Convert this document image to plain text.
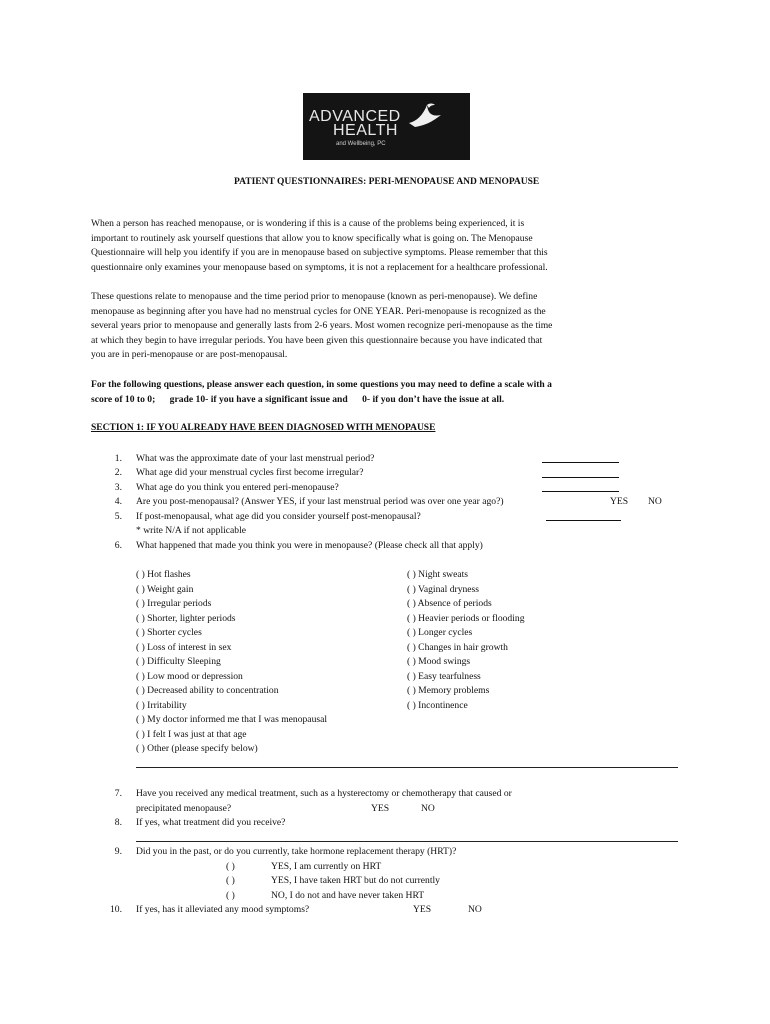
ADVANCED
HEALTH
and Wellbeing, PC
PATIENT QUESTIONNAIRES: PERI-MENOPAUSE AND MENOPAUSE
When a person has reached menopause, or is wondering if this is a cause of the problems being experienced, it is
important to routinely ask yourself questions that allow you to know specifically what is going on. The Menopause
Questionnaire will help you identify if you are in menopause based on subjective symptoms. Please remember that this
questionnaire only examines your menopause based on symptoms, it is not a replacement for a healthcare professional.
These questions relate to menopause and the time period prior to menopause (known as peri-menopause). We define
menopause as beginning after you have had no menstrual cycles for ONE YEAR. Peri-menopause is recognized as the
several years prior to menopause and generally lasts from 2-6 years. Most women recognize peri-menopause as the time
at which they begin to have irregular periods. You have been given this questionnaire because you have indicated that
you are in peri-menopause or are post-menopausal.
For the following questions, please answer each question, in some questions you may need to define a scale with a
score of 10 to 0;      grade 10- if you have a significant issue and      0- if you don’t have the issue at all.
SECTION 1: IF YOU ALREADY HAVE BEEN DIAGNOSED WITH MENOPAUSE
1. What was the approximate date of your last menstrual period?
2. What age did your menstrual cycles first become irregular?
3. What age do you think you entered peri-menopause?
4. Are you post-menopausal? (Answer YES, if your last menstrual period was over one year ago?)	YES NO
5. If post-menopausal, what age did you consider yourself post-menopausal?
* write N/A if not applicable
6. What happened that made you think you were in menopause? (Please check all that apply)
( ) Hot flashes
( ) Weight gain
( ) Irregular periods
( ) Shorter, lighter periods
( ) Shorter cycles
( ) Loss of interest in sex
( ) Difficulty Sleeping
( ) Low mood or depression
( ) Decreased ability to concentration
( ) Irritability
( ) My doctor informed me that I was menopausal
( ) I felt I was just at that age
( ) Other (please specify below)
( ) Night sweats
( ) Vaginal dryness
( ) Absence of periods
( ) Heavier periods or flooding
( ) Longer cycles
( ) Changes in hair growth
( ) Mood swings
( ) Easy tearfulness
( ) Memory problems
( ) Incontinence
7. Have you received any medical treatment, such as a hysterectomy or chemotherapy that caused or
precipitated menopause?	YES	NO
8. If yes, what treatment did you receive?
9. Did you in the past, or do you currently, take hormone replacement therapy (HRT)?
( )	YES, I am currently on HRT
( )	YES, I have taken HRT but do not currently
( )	NO, I do not and have never taken HRT
10. If yes, has it alleviated any mood symptoms?	YES	NO
